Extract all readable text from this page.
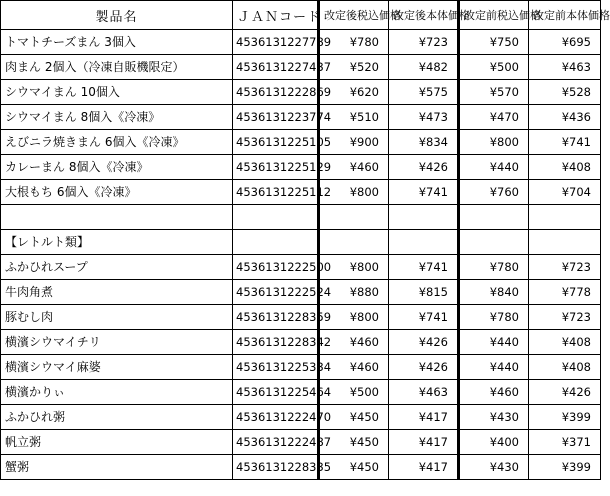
製品名	ＪＡＮコード	改定後税込価格	改定後本体価格	改定前税込価格	改定前本体価格
トマトチーズまん 3個入	4536131227789	¥780	¥723	¥750	¥695
肉まん 2個入（冷凍自販機限定）	4536131227437	¥520	¥482	¥500	¥463
シウマイまん 10個入	4536131222869	¥620	¥575	¥570	¥528
シウマイまん 8個入《冷凍》	4536131223774	¥510	¥473	¥470	¥436
えびニラ焼きまん 6個入《冷凍》	4536131225105	¥900	¥834	¥800	¥741
カレーまん 8個入《冷凍》	4536131225129	¥460	¥426	¥440	¥408
大根もち 6個入《冷凍》	4536131225112	¥800	¥741	¥760	¥704

【レトルト類】					
ふかひれスープ	4536131222500	¥800	¥741	¥780	¥723
牛肉角煮	4536131222524	¥880	¥815	¥840	¥778
豚むし肉	4536131228359	¥800	¥741	¥780	¥723
横濱シウマイチリ	4536131228342	¥460	¥426	¥440	¥408
横濱シウマイ麻婆	4536131225334	¥460	¥426	¥440	¥408
横濱かりぃ	4536131225464	¥500	¥463	¥460	¥426
ふかひれ粥	4536131222470	¥450	¥417	¥430	¥399
帆立粥	4536131222487	¥450	¥417	¥400	¥371
蟹粥	4536131228335	¥450	¥417	¥430	¥399
